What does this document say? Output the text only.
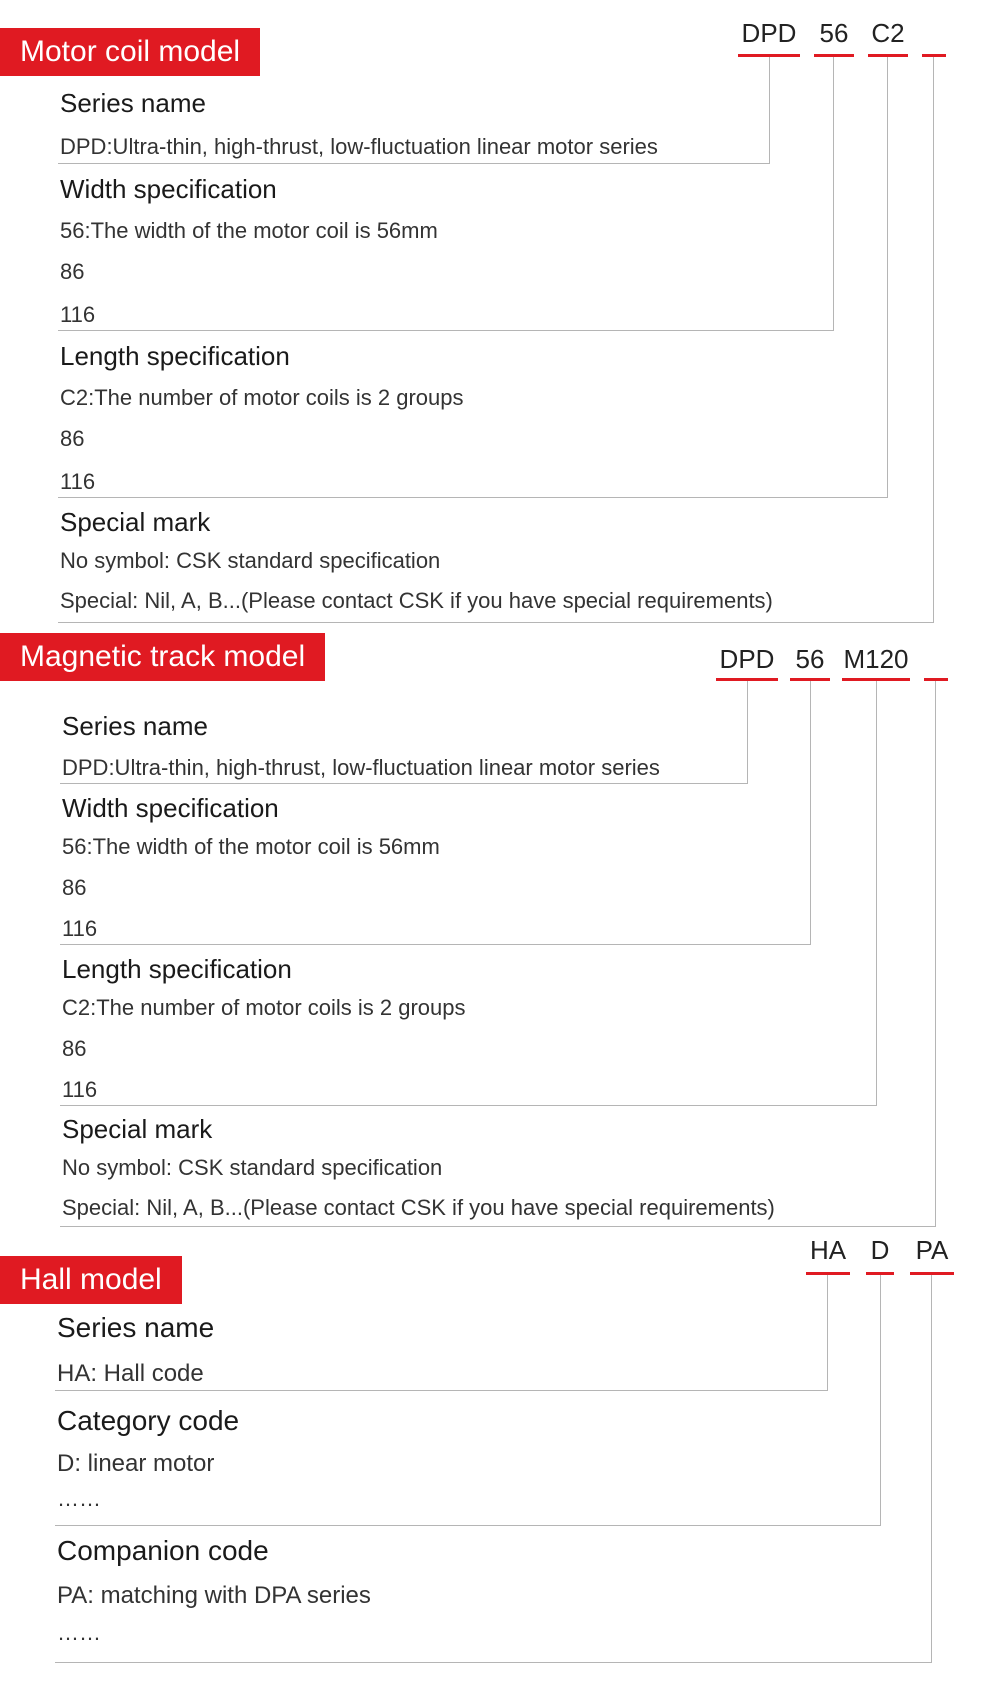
Motor coil model
DPD 56 C2
Series name
DPD:Ultra-thin, high-thrust, low-fluctuation linear motor series
Width specification
56:The width of the motor coil is 56mm
86
116
Length specification
C2:The number of motor coils is 2 groups
86
116
Special mark
No symbol: CSK standard specification
Special: Nil, A, B...(Please contact CSK if you have special requirements)
Magnetic track model	DPD 56 M120
Series name
DPD:Ultra-thin, high-thrust, low-fluctuation linear motor series
Width specification
56:The width of the motor coil is 56mm
86
116
Length specification
C2:The number of motor coils is 2 groups
86
116
Special mark
No symbol: CSK standard specification
Special: Nil, A, B...(Please contact CSK if you have special requirements)
Hall model
HA D PA
Series name
HA: Hall code
Category code
D: linear motor
……
Companion code
PA: matching with DPA series
……
